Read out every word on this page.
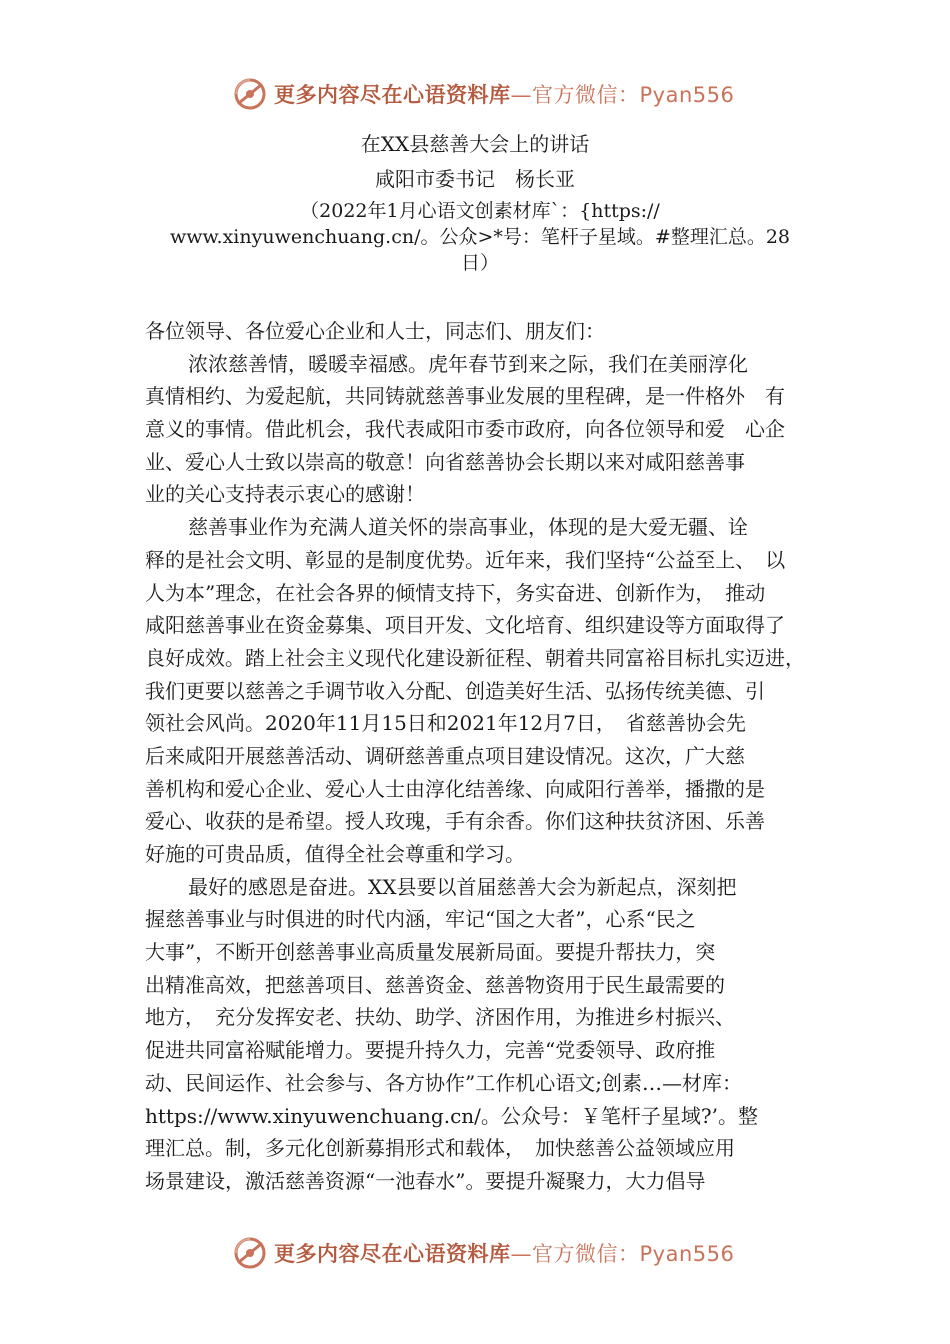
更多内容尽在心语资料库—官方微信：Pyan556
在XX县慈善大会上的讲话
咸阳市委书记　杨长亚
（2022年1月心语文创素材库`：{https://
www.xinyuwenchuang.cn/。公众>*号：笔杆子星域。#整理汇总。28
日）
各位领导、各位爱心企业和人士，同志们、朋友们：
浓浓慈善情，暖暖幸福感。虎年春节到来之际，我们在美丽淳化
真情相约、为爱起航，共同铸就慈善事业发展的里程碑，是一件格外　有
意义的事情。借此机会，我代表咸阳市委市政府，向各位领导和爱　心企
业、爱心人士致以崇高的敬意！向省慈善协会长期以来对咸阳慈善事
业的关心支持表示衷心的感谢！
慈善事业作为充满人道关怀的崇高事业，体现的是大爱无疆、诠
释的是社会文明、彰显的是制度优势。近年来，我们坚持“公益至上、　以
人为本”理念，在社会各界的倾情支持下，务实奋进、创新作为，　推动
咸阳慈善事业在资金募集、项目开发、文化培育、组织建设等方面取得了
良好成效。踏上社会主义现代化建设新征程、朝着共同富裕目标扎实迈进，
我们更要以慈善之手调节收入分配、创造美好生活、弘扬传统美德、引
领社会风尚。2020年11月15日和2021年12月7日，　省慈善协会先
后来咸阳开展慈善活动、调研慈善重点项目建设情况。这次，广大慈
善机构和爱心企业、爱心人士由淳化结善缘、向咸阳行善举，播撒的是
爱心、收获的是希望。授人玫瑰，手有余香。你们这种扶贫济困、乐善
好施的可贵品质，值得全社会尊重和学习。
最好的感恩是奋进。XX县要以首届慈善大会为新起点，深刻把
握慈善事业与时俱进的时代内涵，牢记“国之大者”，心系“民之
大事”，不断开创慈善事业高质量发展新局面。要提升帮扶力，突
出精准高效，把慈善项目、慈善资金、慈善物资用于民生最需要的
地方，　充分发挥安老、扶幼、助学、济困作用，为推进乡村振兴、
促进共同富裕赋能增力。要提升持久力，完善“党委领导、政府推
动、民间运作、社会参与、各方协作”工作机心语文;创素…—材库：
https://www.xinyuwenchuang.cn/。公众号：￥笔杆子星域?’。整
理汇总。制，多元化创新募捐形式和载体，　加快慈善公益领域应用
场景建设，激活慈善资源“一池春水”。要提升凝聚力，大力倡导
更多内容尽在心语资料库—官方微信：Pyan556
